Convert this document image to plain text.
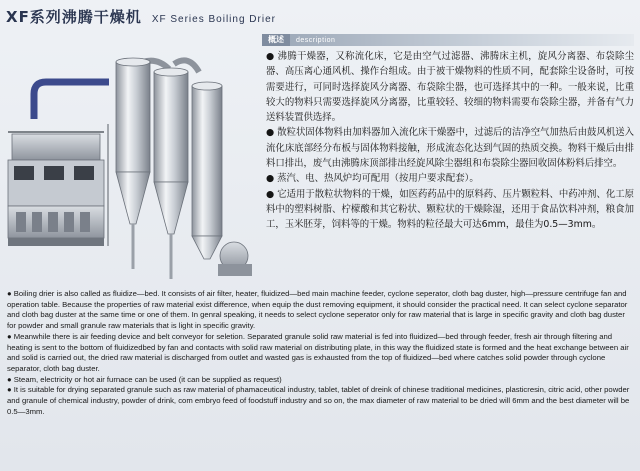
XF系列沸腾干燥机 XF Series Boiling Drier
概述	description

● 沸腾干燥器，又称流化床，它是由空气过滤器、沸腾床主机，旋风分离器、布袋除尘器、高压离心通风机、操作台组成。由于被干燥物料的性质不同，配套除尘设备时，可按需要进行，可同时选择旋风分离器、布袋除尘器，也可选择其中的一种。一般来说，比重较大的物料只需要选择旋风分离器，比重较轻、较细的物料需要布袋除尘器，并备有气力送料装置供选择。

● 散粒状固体物料由加料器加入流化床干燥器中，过滤后的洁净空气加热后由鼓风机送入流化床底部经分布板与固体物料接触，形成流态化达到气固的热质交换。物料干燥后由排料口排出，废气由沸腾床顶部排出经旋风除尘器组和布袋除尘器回收固体粉料后排空。

● 蒸汽、电、热风炉均可配用（按用户要求配套）。

● 它适用于散粒状物料的干燥，如医药药品中的原料药、压片颗粒料、中药冲剂、化工原料中的塑料树脂、柠檬酸和其它粉状、颗粒状的干燥除湿，还用于食品饮料冲剂，粮食加工，玉米胚芽，饲料等的干燥。物料的粒径最大可达6mm，最佳为0.5—3mm。

● Boiling drier is also called as fluidize—bed. It consists of air filter, heater, fluidized—bed main machine feeder, cyclone seperator, cloth bag duster, high—pressure centrifuge fan and operation table. Because the properties of raw material exist difference, when equip the dust removing equipment, it should consider the practical need. It can select cyclone separator and cloth bag duster at the same time or one of them. In genral speaking, it needs to select cyclone seperator only for raw material that is large in specific gravity and cloth bag duster for powder and small granule raw materials that is light in specific gravity.

● Meanwhile there is air feeding device and belt conveyor for seletion. Separated granule solid raw material is fed into fluidized—bed through feeder, fresh air through filtering and heating is sent to the bottom of fluidizedbed by fan and contacts with solid raw material on distributing plate, in this way the fluidized state is formed and the heat exchange between air and solid is carried out, the dried raw material is discharged from outlet and wasted gas is exhausted from the top of fluidized—bed where catches solid powder through cyclone separator, cloth bag duster.

● Steam, electricity or hot air furnace can be used (it can be supplied as request)

● It is suitable for drying separated granule such as raw material of phamaceutical industry, tablet, tablet of dreink of chinese traditional medicines, plasticresin, citric acid, other powder and granule of chemical industry, powder of drink, com embryo feed of foodstuff industry and so on, the max diameter of raw material to be dried will 6mm and the best diameter will be 0.5—3mm.
